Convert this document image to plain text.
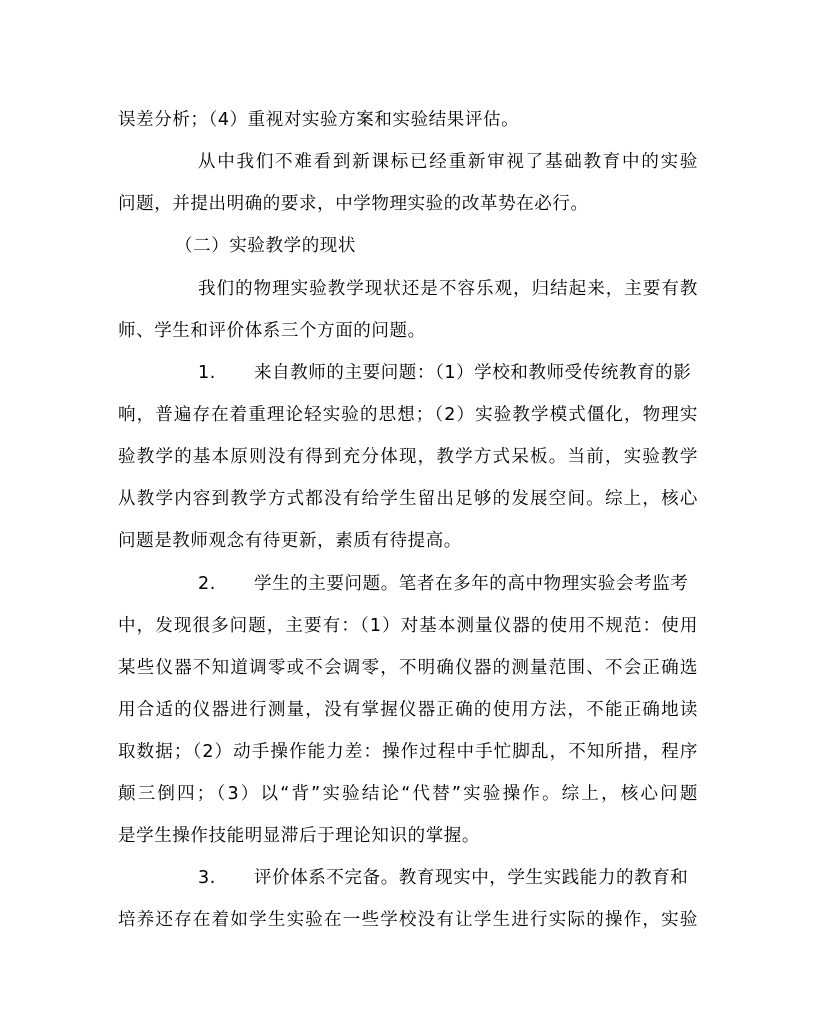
误差分析；（4）重视对实验方案和实验结果评估。
从中我们不难看到新课标已经重新审视了基础教育中的实验
问题，并提出明确的要求，中学物理实验的改革势在必行。
（二）实验教学的现状
我们的物理实验教学现状还是不容乐观，归结起来，主要有教
师、学生和评价体系三个方面的问题。
1. 来自教师的主要问题：（1）学校和教师受传统教育的影
响，普遍存在着重理论轻实验的思想；（2）实验教学模式僵化，物理实
验教学的基本原则没有得到充分体现，教学方式呆板。当前，实验教学
从教学内容到教学方式都没有给学生留出足够的发展空间。综上，核心
问题是教师观念有待更新，素质有待提高。
2. 学生的主要问题。笔者在多年的高中物理实验会考监考
中，发现很多问题，主要有：（1）对基本测量仪器的使用不规范：使用
某些仪器不知道调零或不会调零，不明确仪器的测量范围、不会正确选
用合适的仪器进行测量，没有掌握仪器正确的使用方法，不能正确地读
取数据；（2）动手操作能力差：操作过程中手忙脚乱，不知所措，程序
颠三倒四；（3）以“背”实验结论“代替”实验操作。综上，核心问题
是学生操作技能明显滞后于理论知识的掌握。
3. 评价体系不完备。教育现实中，学生实践能力的教育和
培养还存在着如学生实验在一些学校没有让学生进行实际的操作，实验
